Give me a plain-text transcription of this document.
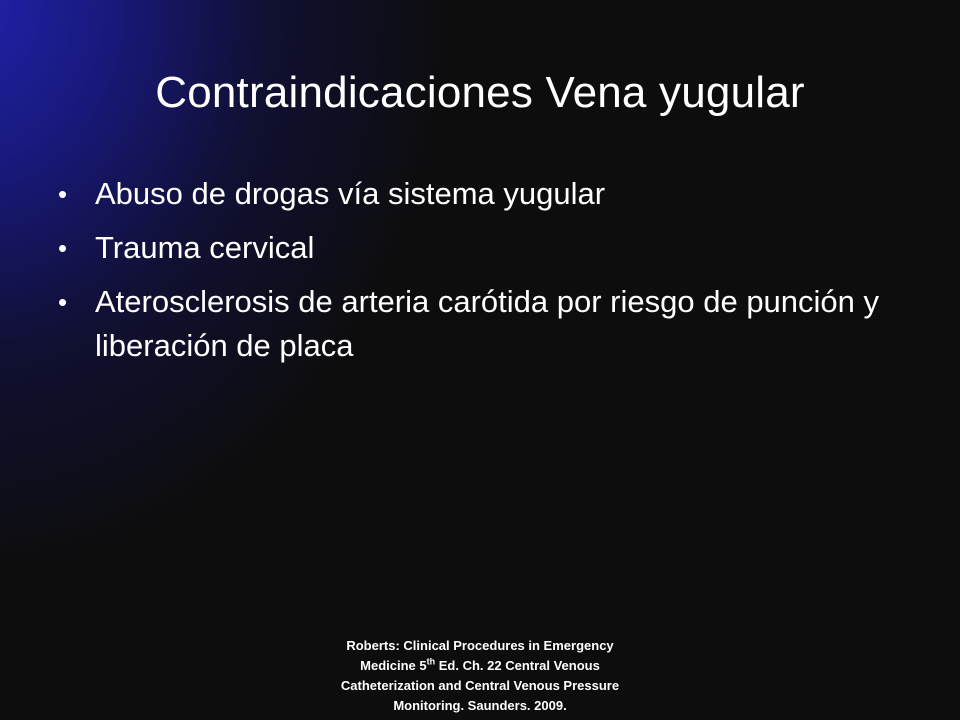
Contraindicaciones Vena yugular
• Abuso de drogas vía sistema yugular
• Trauma cervical
• Aterosclerosis de arteria carótida por riesgo de punción y liberación de placa
Roberts: Clinical Procedures in Emergency Medicine 5th Ed. Ch. 22 Central Venous Catheterization and Central Venous Pressure Monitoring. Saunders. 2009.
